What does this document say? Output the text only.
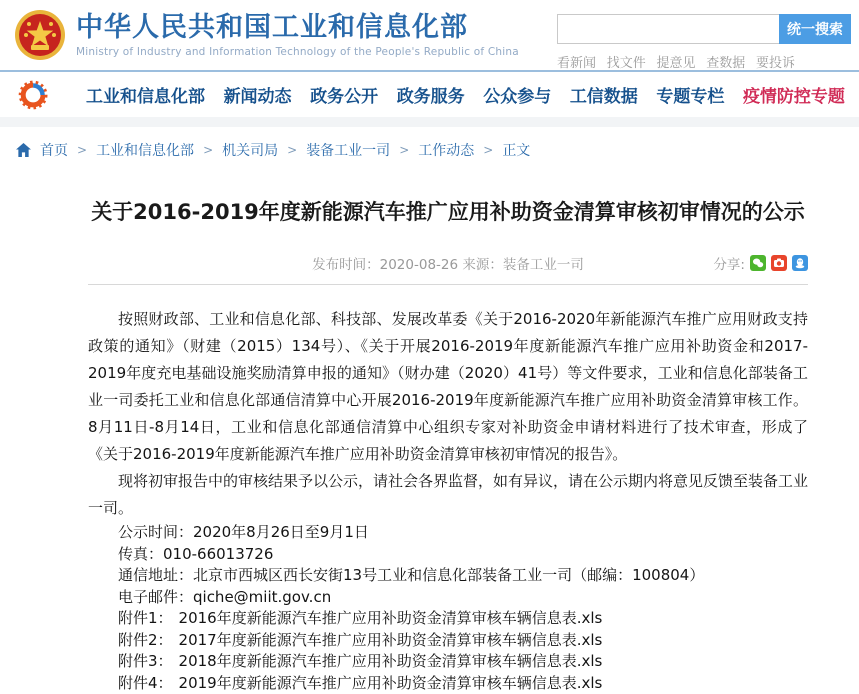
中华人民共和国工业和信息化部
Ministry of Industry and Information Technology of the People's Republic of China
统一搜索
看新闻 找文件 提意见 查数据 要投诉
工业和信息化部 新闻动态 政务公开 政务服务 公众参与 工信数据 专题专栏 疫情防控专题
首页 > 工业和信息化部 > 机关司局 > 装备工业一司 > 工作动态 > 正文
关于2016-2019年度新能源汽车推广应用补助资金清算审核初审情况的公示
发布时间：2020-08-26 来源：装备工业一司	分享:

按照财政部、工业和信息化部、科技部、发展改革委《关于2016-2020年新能源汽车推广应用财政支持政策的通知》（财建（2015）134号）、《关于开展2016-2019年度新能源汽车推广应用补助资金和2017-2019年度充电基础设施奖励清算申报的通知》（财办建（2020）41号）等文件要求，工业和信息化部装备工业一司委托工业和信息化部通信清算中心开展2016-2019年度新能源汽车推广应用补助资金清算审核工作。8月11日-8月14日，工业和信息化部通信清算中心组织专家对补助资金申请材料进行了技术审查，形成了《关于2016-2019年度新能源汽车推广应用补助资金清算审核初审情况的报告》。

现将初审报告中的审核结果予以公示，请社会各界监督，如有异议，请在公示期内将意见反馈至装备工业一司。

公示时间：2020年8月26日至9月1日
传真：010-66013726
通信地址：北京市西城区西长安街13号工业和信息化部装备工业一司（邮编：100804）
电子邮件：qiche@miit.gov.cn
附件1： 2016年度新能源汽车推广应用补助资金清算审核车辆信息表.xls
附件2： 2017年度新能源汽车推广应用补助资金清算审核车辆信息表.xls
附件3： 2018年度新能源汽车推广应用补助资金清算审核车辆信息表.xls
附件4： 2019年度新能源汽车推广应用补助资金清算审核车辆信息表.xls
